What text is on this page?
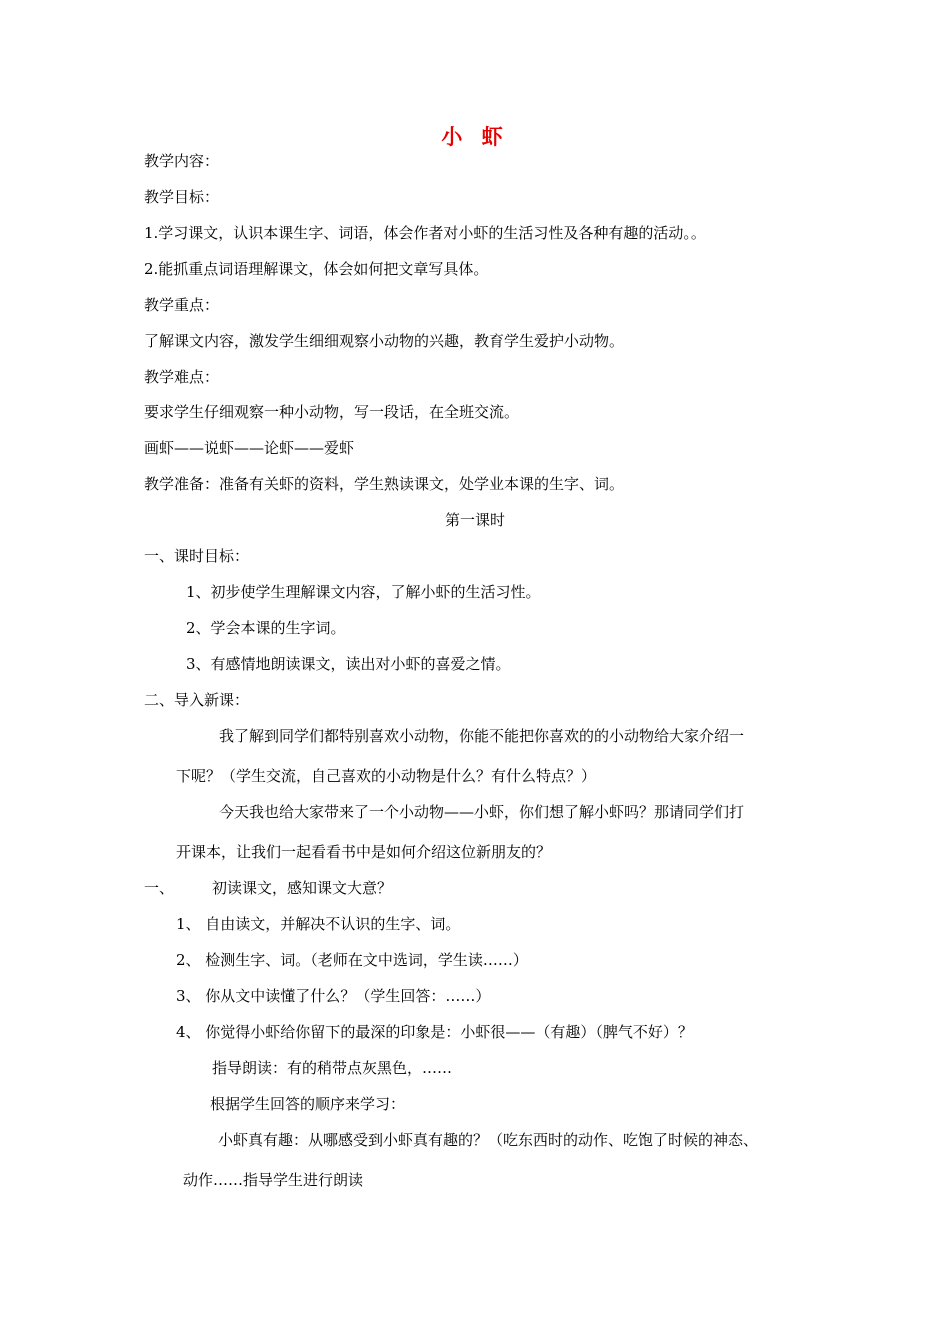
小 虾
教学内容：
教学目标：
1.学习课文，认识本课生字、词语，体会作者对小虾的生活习性及各种有趣的活动。。
2.能抓重点词语理解课文，体会如何把文章写具体。
教学重点：
了解课文内容，激发学生细细观察小动物的兴趣，教育学生爱护小动物。
教学难点：
要求学生仔细观察一种小动物，写一段话，在全班交流。
画虾——说虾——论虾——爱虾
教学准备：准备有关虾的资料，学生熟读课文，处学业本课的生字、词。
第一课时
一、课时目标：
1、初步使学生理解课文内容，了解小虾的生活习性。
2、学会本课的生字词。
3、有感情地朗读课文，读出对小虾的喜爱之情。
二、导入新课：
我了解到同学们都特别喜欢小动物，你能不能把你喜欢的的小动物给大家介绍一
下呢？（学生交流，自己喜欢的小动物是什么？有什么特点？）
今天我也给大家带来了一个小动物——小虾，你们想了解小虾吗？那请同学们打
开课本，让我们一起看看书中是如何介绍这位新朋友的？
一、	初读课文，感知课文大意？
1、 自由读文，并解决不认识的生字、词。
2、 检测生字、词。（老师在文中选词，学生读……）
3、 你从文中读懂了什么？（学生回答：……）
4、 你觉得小虾给你留下的最深的印象是：小虾很——（有趣）（脾气不好）？
指导朗读：有的稍带点灰黑色，……
根据学生回答的顺序来学习：
小虾真有趣：从哪感受到小虾真有趣的？（吃东西时的动作、吃饱了时候的神态、
动作……指导学生进行朗读
